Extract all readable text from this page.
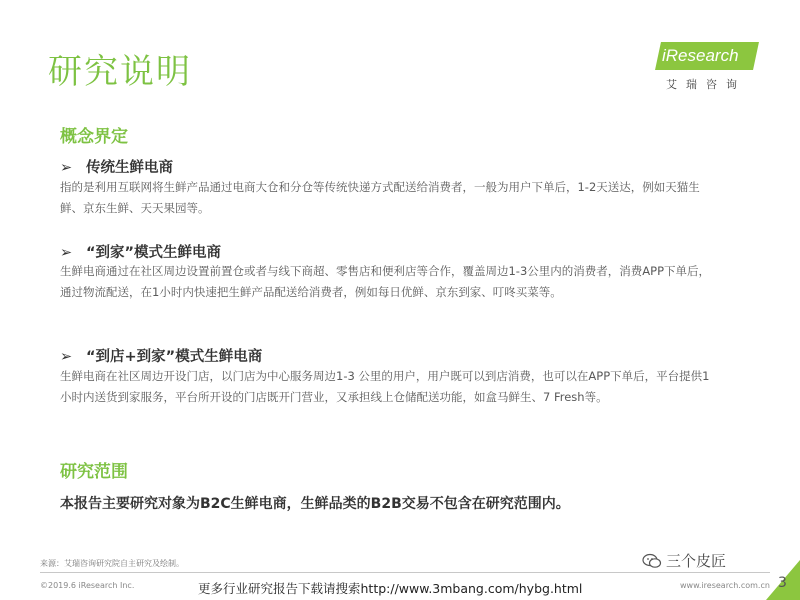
研究说明	iResearch
艾瑞咨询
概念界定
➢ 传统生鲜电商
指的是利用互联网将生鲜产品通过电商大仓和分仓等传统快递方式配送给消费者，一般为用户下单后，1-2天送达，例如天猫生鲜、京东生鲜、天天果园等。
➢ “到家”模式生鲜电商
生鲜电商通过在社区周边设置前置仓或者与线下商超、零售店和便利店等合作，覆盖周边1-3公里内的消费者，消费APP下单后，通过物流配送，在1小时内快速把生鲜产品配送给消费者，例如每日优鲜、京东到家、叮咚买菜等。
➢ “到店+到家”模式生鲜电商
生鲜电商在社区周边开设门店，以门店为中心服务周边1-3 公里的用户，用户既可以到店消费，也可以在APP下单后，平台提供1小时内送货到家服务，平台所开设的门店既开门营业，又承担线上仓储配送功能，如盒马鲜生、7 Fresh等。
研究范围
本报告主要研究对象为B2C生鲜电商，生鲜品类的B2B交易不包含在研究范围内。
来源：艾瑞咨询研究院自主研究及绘制。	三个皮匠
©2019.6 iResearch Inc.	更多行业研究报告下载请搜索http://www.3mbang.com/hybg.html	www.iresearch.com.cn 3
